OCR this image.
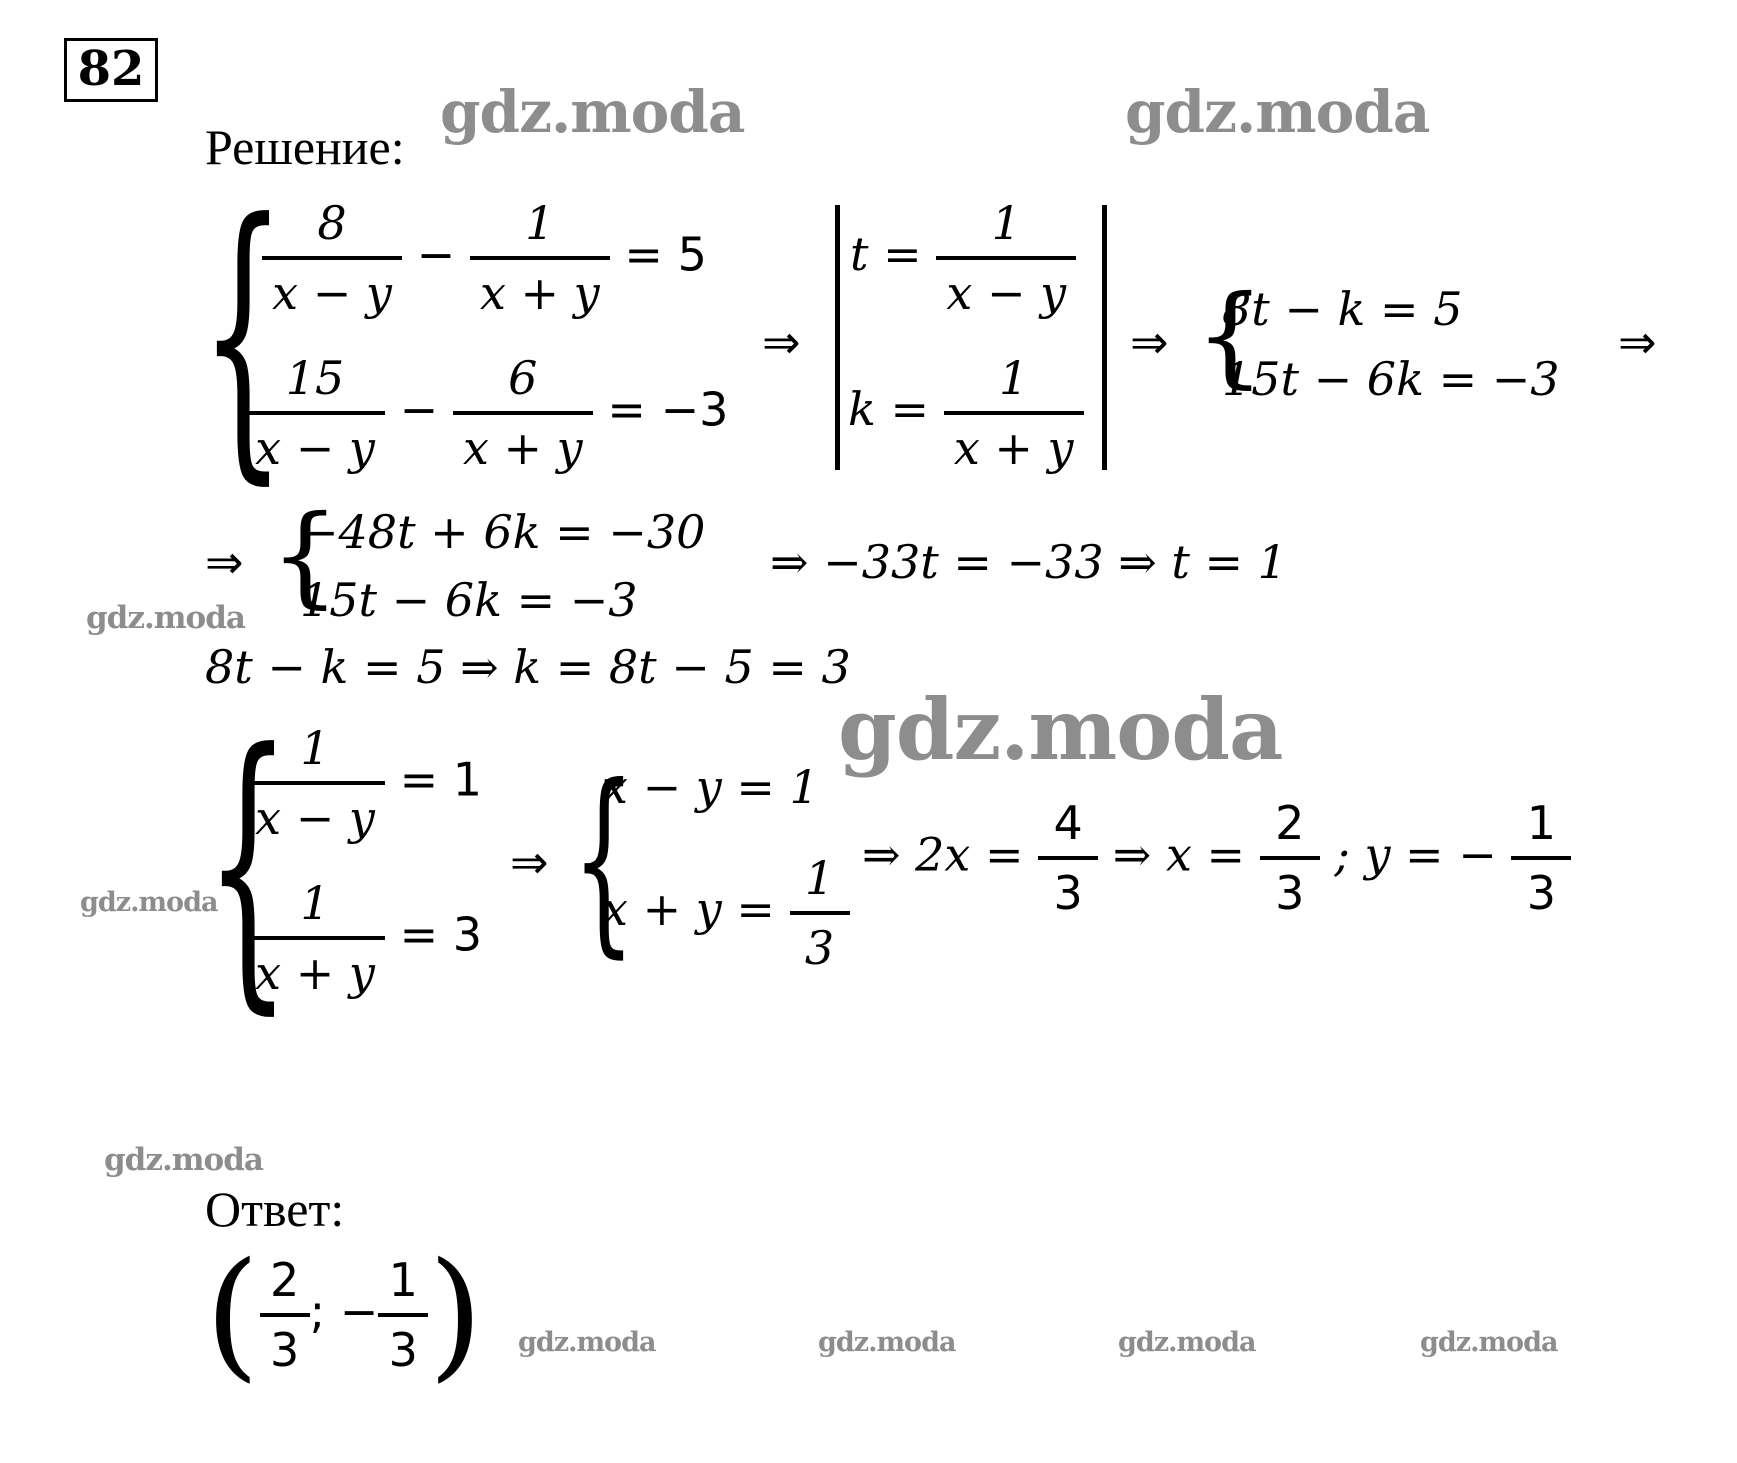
82
gdz.moda	gdz.moda
gdz.moda
gdz.moda
gdz.moda
gdz.moda
gdz.moda	gdz.moda	gdz.moda	gdz.moda
Решение:
{
$\frac{8}{x - y} - \frac{1}{x + y} = 5$
$\frac{15}{x - y} - \frac{6}{x + y} = -3$
⇒
$t = \frac{1}{x - y}$
$k = \frac{1}{x + y}$
⇒ {
8t − k = 5
15t − 6k = −3
⇒
⇒ {
−48t + 6k = −30
15t − 6k = −3
⇒ −33t = −33 ⇒ t = 1
8t − k = 5 ⇒ k = 8t − 5 = 3
{
$\frac{1}{x - y} = 1$
$\frac{1}{x + y} = 3$
⇒ {
x − y = 1
$x + y = \frac{1}{3}$ ⇒ $2x = \frac{4}{3}$ ⇒ $x = \frac{2}{3}$ ; y = − $\frac{1}{3}$
Ответ:
( $\frac{2}{3}$ ; − $\frac{1}{3}$ )
